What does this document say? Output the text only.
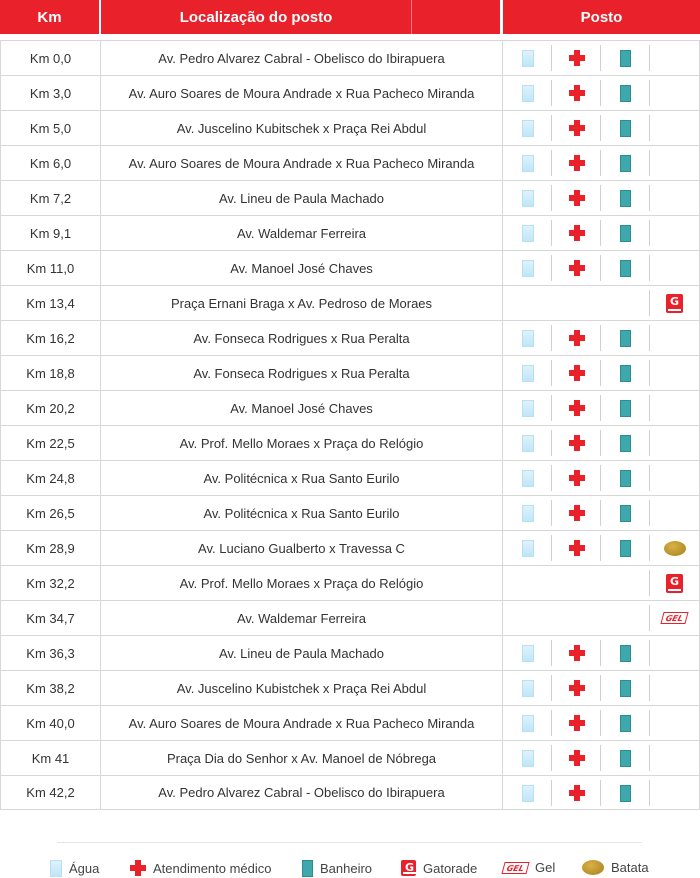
Km	Localização do posto	Posto
Km 0,0	Av. Pedro Alvarez Cabral - Obelisco do Ibirapuera
Km 3,0	Av. Auro Soares de Moura Andrade x Rua Pacheco Miranda
Km 5,0	Av. Juscelino Kubitschek x Praça Rei Abdul
Km 6,0	Av. Auro Soares de Moura Andrade x Rua Pacheco Miranda
Km 7,2	Av. Lineu de Paula Machado
Km 9,1	Av. Waldemar Ferreira
Km 11,0	Av. Manoel José Chaves
Km 13,4	Praça Ernani Braga x Av. Pedroso de Moraes
G
Km 16,2	Av. Fonseca Rodrigues x Rua Peralta
Km 18,8	Av. Fonseca Rodrigues x Rua Peralta
Km 20,2	Av. Manoel José Chaves
Km 22,5	Av. Prof. Mello Moraes x Praça do Relógio
Km 24,8	Av. Politécnica x Rua Santo Eurilo
Km 26,5	Av. Politécnica x Rua Santo Eurilo
Km 28,9	Av. Luciano Gualberto x Travessa C
Km 32,2	Av. Prof. Mello Moraes x Praça do Relógio
G
Km 34,7	Av. Waldemar Ferreira	GEL
Km 36,3	Av. Lineu de Paula Machado
Km 38,2	Av. Juscelino Kubistchek x Praça Rei Abdul
Km 40,0	Av. Auro Soares de Moura Andrade x Rua Pacheco Miranda
Km 41	Praça Dia do Senhor x Av. Manoel de Nóbrega
Km 42,2	Av. Pedro Alvarez Cabral - Obelisco do Ibirapuera
Água	Atendimento médico	Banheiro
G	Gatorade	GEL Gel	Batata
